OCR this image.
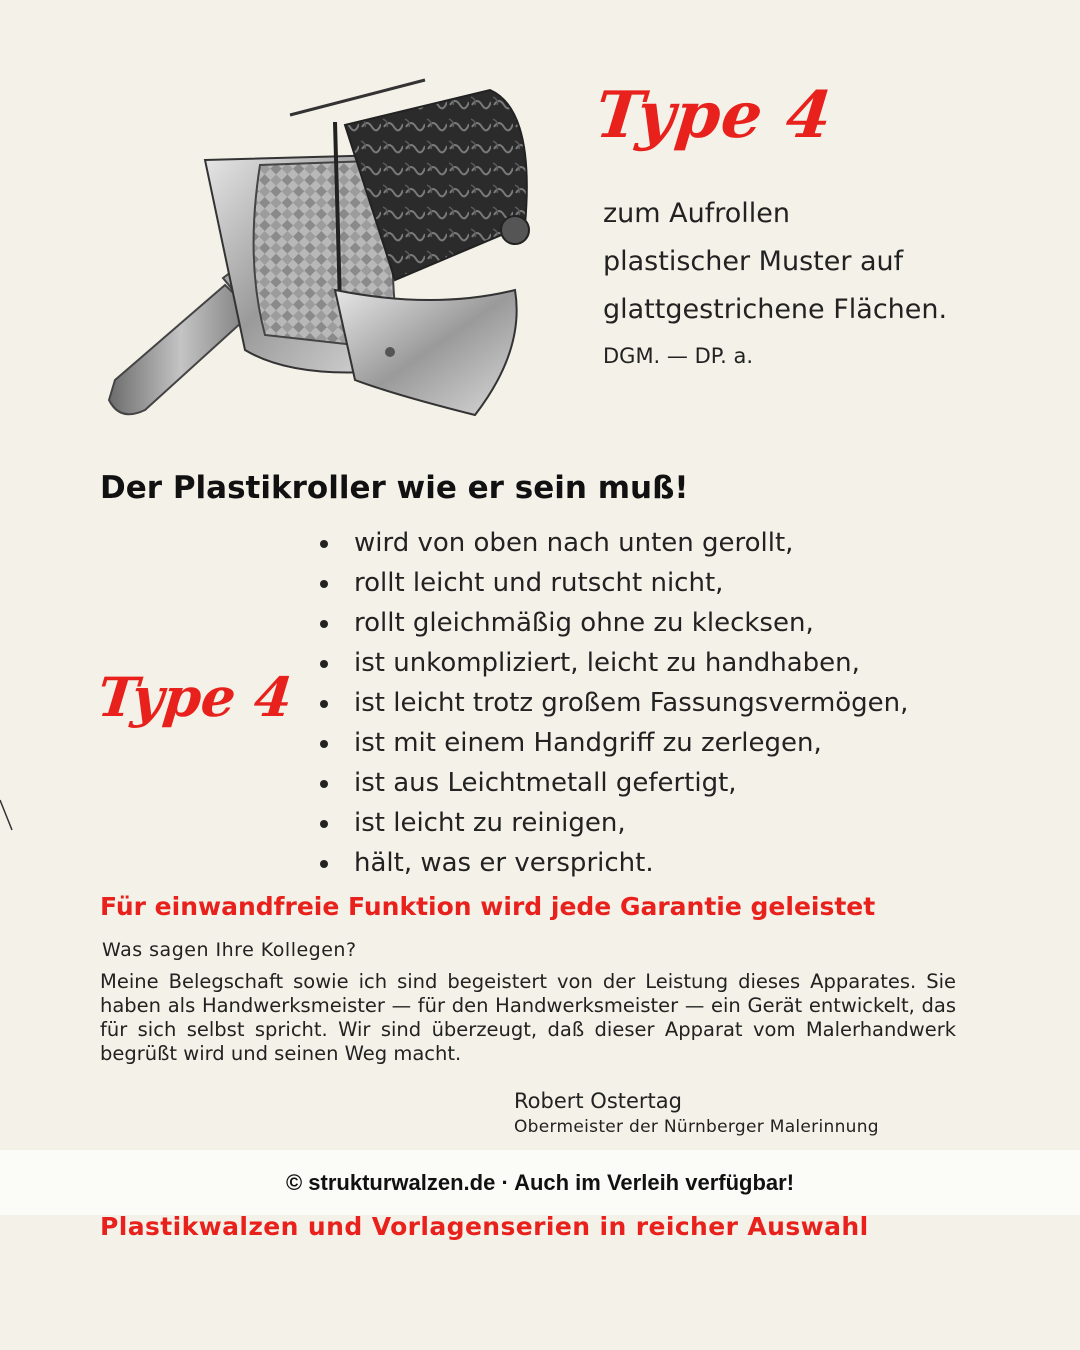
Type 4
zum Aufrollen
plastischer Muster auf
glattgestrichene Flächen.
DGM. — DP. a.
Der Plastikroller wie er sein muß!
Type 4
wird von oben nach unten gerollt,
rollt leicht und rutscht nicht,
rollt gleichmäßig ohne zu klecksen,
ist unkompliziert, leicht zu handhaben,
ist leicht trotz großem Fassungsvermögen,
ist mit einem Handgriff zu zerlegen,
ist aus Leichtmetall gefertigt,
ist leicht zu reinigen,
hält, was er verspricht.
Für einwandfreie Funktion wird jede Garantie geleistet
Was sagen Ihre Kollegen?
Meine Belegschaft sowie ich sind begeistert von der Leistung dieses Apparates. Sie haben als Handwerksmeister — für den Handwerksmeister — ein Gerät entwickelt, das für sich selbst spricht. Wir sind überzeugt, daß dieser Apparat vom Malerhandwerk begrüßt wird und seinen Weg macht.
Robert Ostertag
Obermeister der Nürnberger Malerinnung
© strukturwalzen.de · Auch im Verleih verfügbar!
Plastikwalzen und Vorlagenserien in reicher Auswahl
